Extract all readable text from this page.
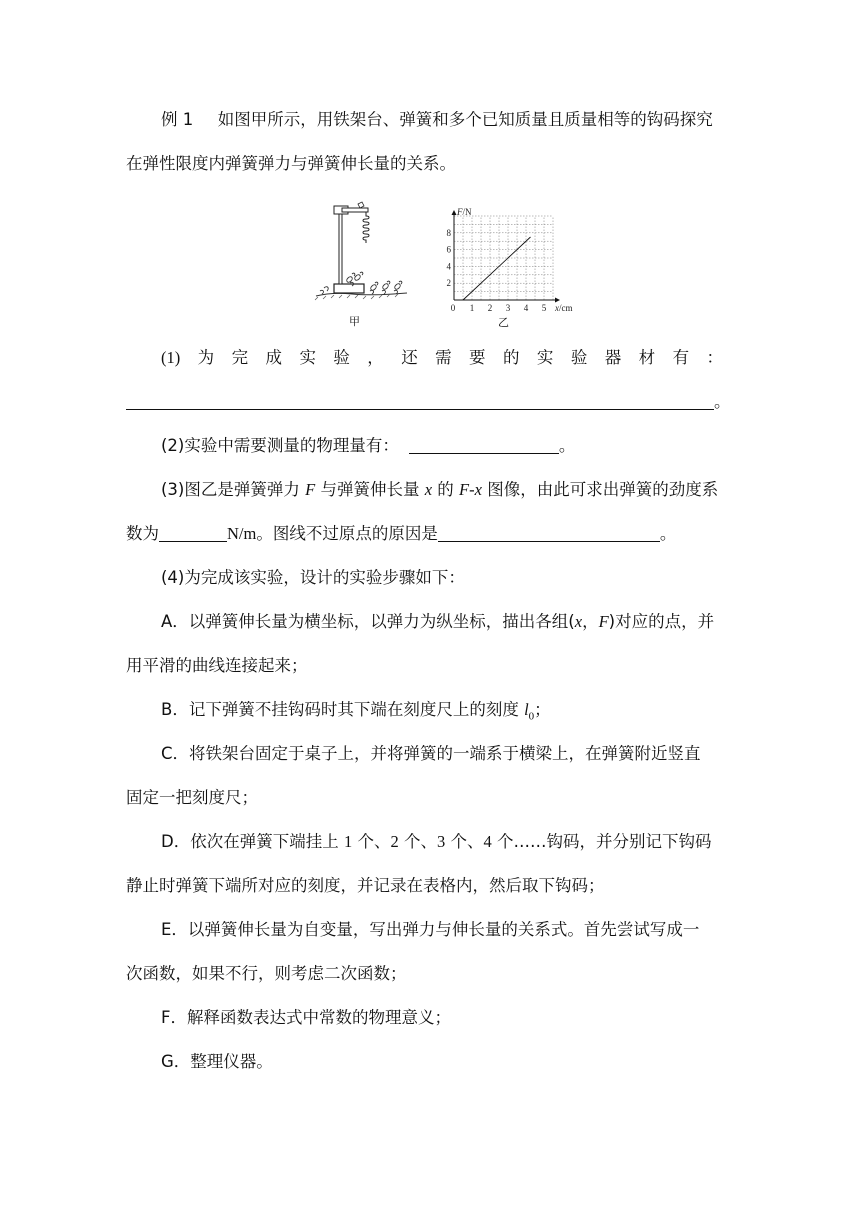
例 1 如图甲所示，用铁架台、弹簧和多个已知质量且质量相等的钩码探究
在弹性限度内弹簧弹力与弹簧伸长量的关系。
甲
1 2 3 4 5
2
4
6
8
0
F/N
x/cm
乙
(1) 为 完 成 实 验 ， 还 需 要 的 实 验 器 材 有 ：
。
(2)实验中需要测量的物理量有：	。
(3)图乙是弹簧弹力 F 与弹簧伸长量 x 的 F-x 图像，由此可求出弹簧的劲度系
数为	N/m。图线不过原点的原因是	。
(4)为完成该实验，设计的实验步骤如下：
A．以弹簧伸长量为横坐标，以弹力为纵坐标，描出各组(x，F)对应的点，并
用平滑的曲线连接起来；
B．记下弹簧不挂钩码时其下端在刻度尺上的刻度 $l_0$；
C．将铁架台固定于桌子上，并将弹簧的一端系于横梁上，在弹簧附近竖直
固定一把刻度尺；
D．依次在弹簧下端挂上 1 个、2 个、3 个、4 个……钩码，并分别记下钩码
静止时弹簧下端所对应的刻度，并记录在表格内，然后取下钩码；
E．以弹簧伸长量为自变量，写出弹力与伸长量的关系式。首先尝试写成一
次函数，如果不行，则考虑二次函数；
F．解释函数表达式中常数的物理意义；
G．整理仪器。
